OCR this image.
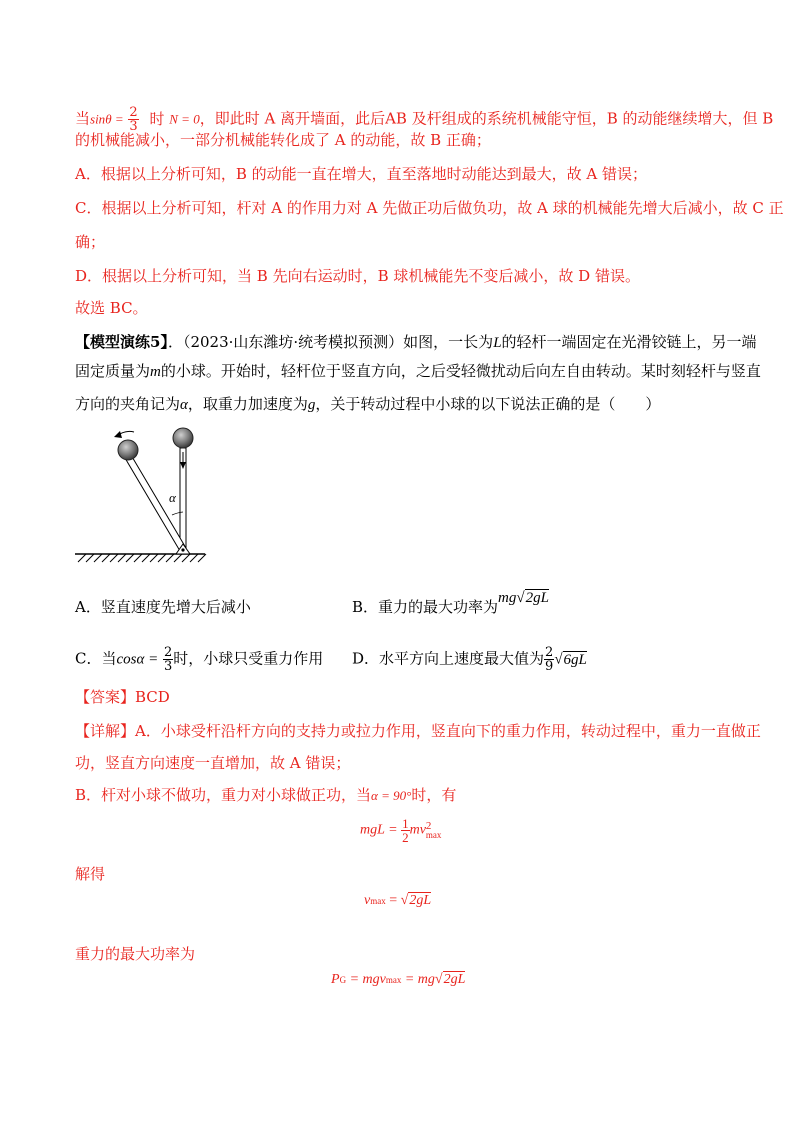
当$\sin\theta = \frac{2}{3}$ 时 N = 0，即此时 A 离开墙面，此后AB 及杆组成的系统机械能守恒，B 的动能继续增大，但 B
的机械能减小，一部分机械能转化成了 A 的动能，故 B 正确；
A．根据以上分析可知，B 的动能一直在增大，直至落地时动能达到最大，故 A 错误；
C．根据以上分析可知，杆对 A 的作用力对 A 先做正功后做负功，故 A 球的机械能先增大后减小，故 C 正
确；
D．根据以上分析可知，当 B 先向右运动时，B 球机械能先不变后减小，故 D 错误。
故选 BC。
【模型演练5】．（2023·山东潍坊·统考模拟预测）如图，一长为L的轻杆一端固定在光滑铰链上，另一端
固定质量为m的小球。开始时，轻杆位于竖直方向，之后受轻微扰动后向左自由转动。某时刻轻杆与竖直
方向的夹角记为α，取重力加速度为g，关于转动过程中小球的以下说法正确的是（　　）
α
A．竖直速度先增大后减小	B．重力的最大功率为mg√2gL
C．当$\cos\alpha = \frac{2}{3}$ 时，小球只受重力作用 D．水平方向上速度最大值为 $\frac{2}{9} √6gL$
【答案】BCD
【详解】A．小球受杆沿杆方向的支持力或拉力作用，竖直向下的重力作用，转动过程中，重力一直做正
功，竖直方向速度一直增加，故 A 错误；
B．杆对小球不做功，重力对小球做正功，当α = 90°时，有
mgL = $\frac{1}{2}$ mv 2
max
解得
vmax = √2gL
重力的最大功率为
PG = mgvmax = mg√2gL
